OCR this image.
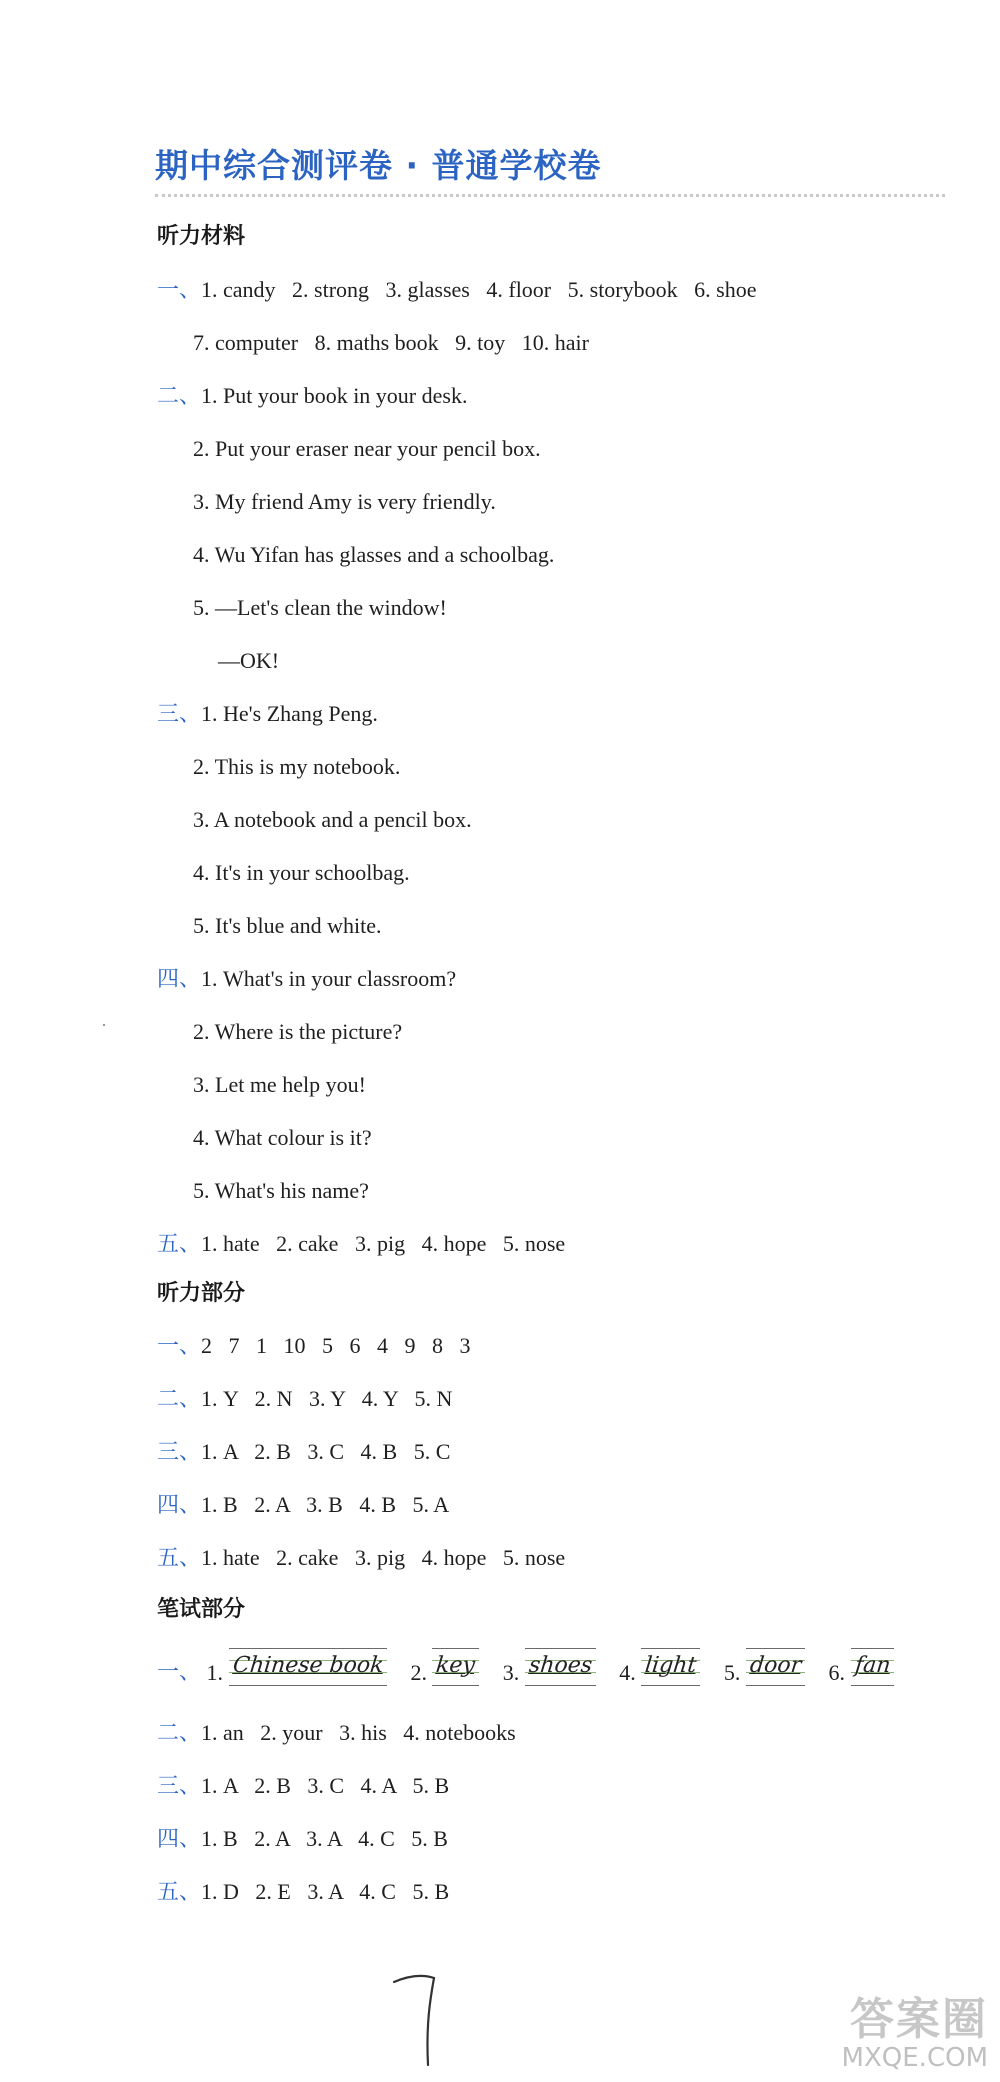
期中综合测评卷 · 普通学校卷
听力材料
一、1. candy   2. strong   3. glasses   4. floor   5. storybook   6. shoe
7. computer   8. maths book   9. toy   10. hair
二、1. Put your book in your desk.
2. Put your eraser near your pencil box.
3. My friend Amy is very friendly.
4. Wu Yifan has glasses and a schoolbag.
5. —Let's clean the window!
—OK!
三、1. He's Zhang Peng.
2. This is my notebook.
3. A notebook and a pencil box.
4. It's in your schoolbag.
5. It's blue and white.
四、1. What's in your classroom?
2. Where is the picture?
3. Let me help you!
4. What colour is it?
5. What's his name?
五、1. hate   2. cake   3. pig   4. hope   5. nose
听力部分
一、2   7   1   10   5   6   4   9   8   3
二、1. Y   2. N   3. Y   4. Y   5. N
三、1. A   2. B   3. C   4. B   5. C
四、1. B   2. A   3. B   4. B   5. A
五、1. hate   2. cake   3. pig   4. hope   5. nose
笔试部分
一、 1. Chinese book 2. key 3. shoes 4. light 5. door 6. fan
二、1. an   2. your   3. his   4. notebooks
三、1. A   2. B   3. C   4. A   5. B
四、1. B   2. A   3. A   4. C   5. B
五、1. D   2. E   3. A   4. C   5. B
答案圈
MXQE.COM
